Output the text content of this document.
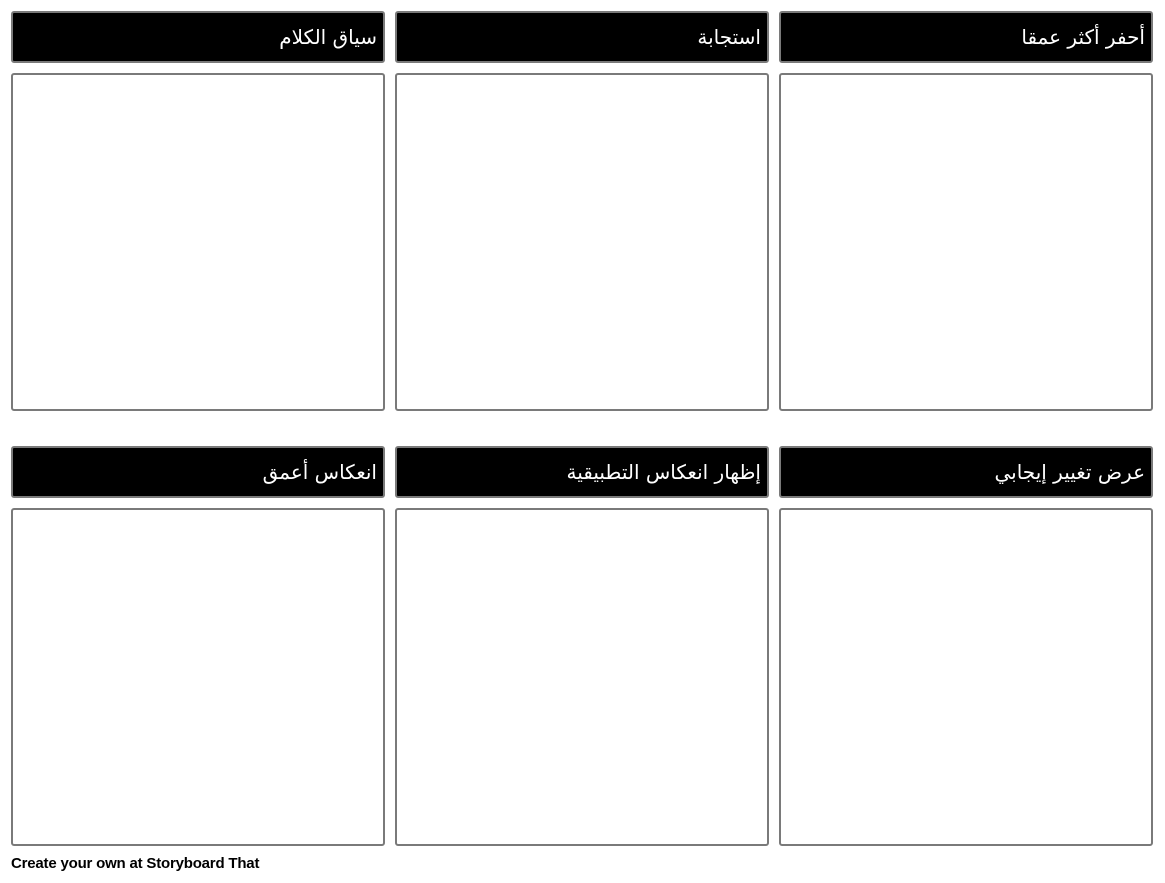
أحفر أكثر عمقا
استجابة
سياق الكلام
عرض تغيير إيجابي
إظهار انعكاس التطبيقية
انعكاس أعمق
Create your own at Storyboard That
